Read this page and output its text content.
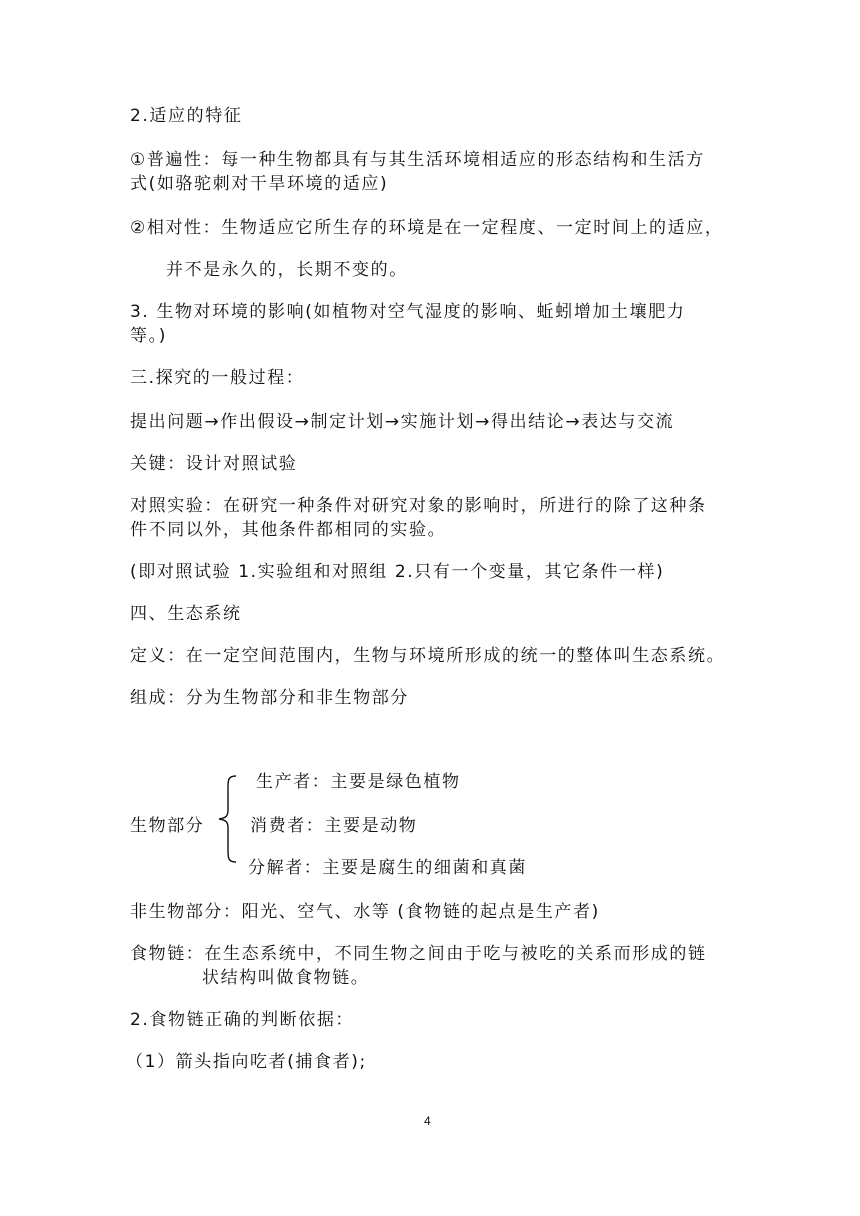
2.适应的特征
①普遍性：每一种生物都具有与其生活环境相适应的形态结构和生活方
式(如骆驼刺对干旱环境的适应)
②相对性：生物适应它所生存的环境是在一定程度、一定时间上的适应，
并不是永久的，长期不变的。
3. 生物对环境的影响(如植物对空气湿度的影响、蚯蚓增加土壤肥力
等。)
三.探究的一般过程：
提出问题→作出假设→制定计划→实施计划→得出结论→表达与交流
关键：设计对照试验
对照实验：在研究一种条件对研究对象的影响时，所进行的除了这种条
件不同以外，其他条件都相同的实验。
(即对照试验 1.实验组和对照组 2.只有一个变量，其它条件一样)
四、生态系统
定义：在一定空间范围内，生物与环境所形成的统一的整体叫生态系统。
组成：分为生物部分和非生物部分
生物部分
生产者：主要是绿色植物
消费者：主要是动物
分解者：主要是腐生的细菌和真菌
非生物部分：阳光、空气、水等 (食物链的起点是生产者)
食物链：在生态系统中，不同生物之间由于吃与被吃的关系而形成的链
状结构叫做食物链。
2.食物链正确的判断依据：
（1）箭头指向吃者(捕食者);
4
